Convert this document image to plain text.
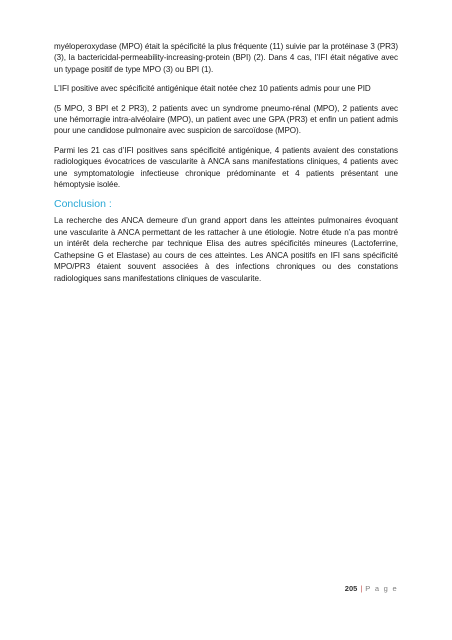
myéloperoxydase (MPO) était la spécificité la plus fréquente (11) suivie par la protéinase 3 (PR3) (3), la bactericidal-permeability-increasing-protein (BPI) (2). Dans 4 cas, l’IFI était négative avec un typage positif de type MPO (3) ou BPI (1).

L’IFI positive avec spécificité antigénique était notée chez 10 patients admis pour une PID

(5 MPO, 3 BPI et 2 PR3), 2 patients avec un syndrome pneumo-rénal (MPO), 2 patients avec une hémorragie intra-alvéolaire (MPO), un patient avec une GPA (PR3) et enfin un patient admis pour une candidose pulmonaire avec suspicion de sarcoïdose (MPO).

Parmi les 21 cas d’IFI positives sans spécificité antigénique, 4 patients avaient des constations radiologiques évocatrices de vascularite à ANCA sans manifestations cliniques, 4 patients avec une symptomatologie infectieuse chronique prédominante et 4 patients présentant une hémoptysie isolée.

Conclusion :

La recherche des ANCA demeure d’un grand apport dans les atteintes pulmonaires évoquant une vascularite à ANCA permettant de les rattacher à une étiologie. Notre étude n’a pas montré un intérêt dela recherche par technique Elisa des autres spécificités mineures (Lactoferrine, Cathepsine G et Elastase) au cours de ces atteintes. Les ANCA positifs en IFI sans spécificité MPO/PR3 étaient souvent associées à des infections chroniques ou des constations radiologiques sans manifestations cliniques de vascularite.

205 | P a g e
